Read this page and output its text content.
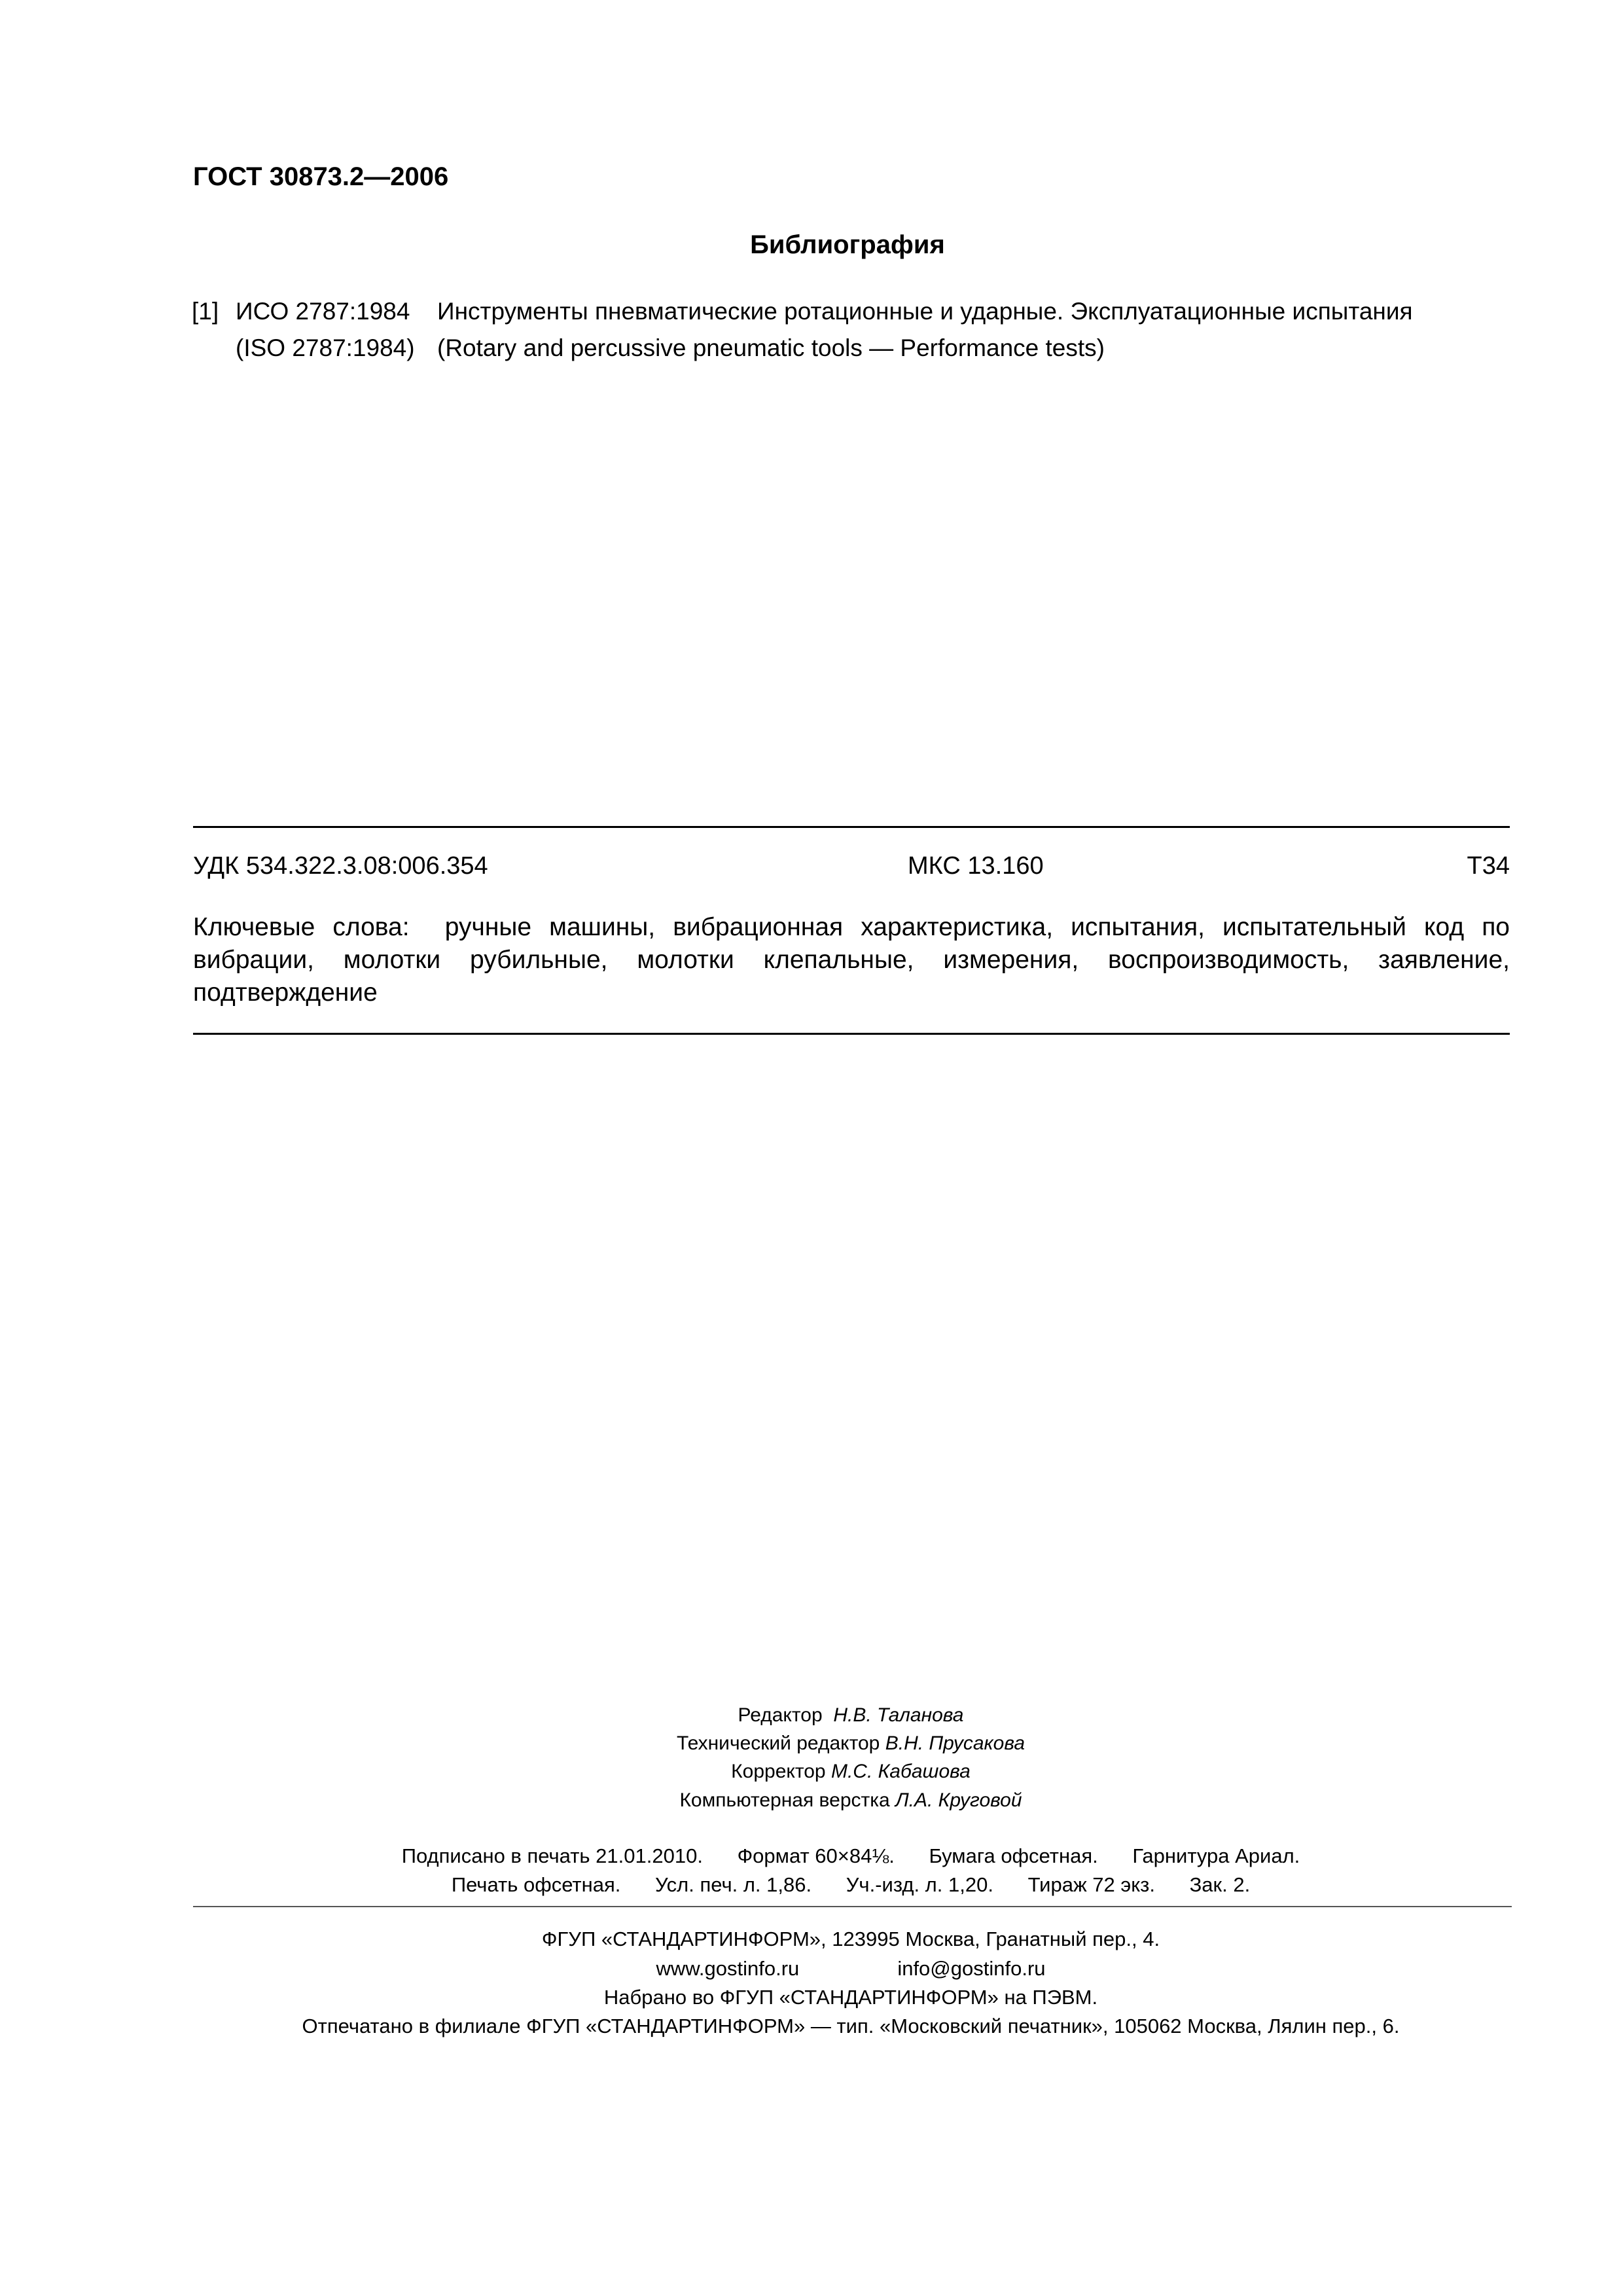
ГОСТ 30873.2—2006
Библиография
[1] ИСО 2787:1984 Инструменты пневматические ротационные и ударные. Эксплуатационные испытания
(ISO 2787:1984) (Rotary and percussive pneumatic tools — Performance tests)
УДК 534.322.3.08:006.354	МКС 13.160	Т34
Ключевые слова: ручные машины, вибрационная характеристика, испытания, испытательный код по вибрации, молотки рубильные, молотки клепальные, измерения, воспроизводимость, заявление, подтверждение
Редактор Н.В. Таланова
Технический редактор В.Н. Прусакова
Корректор М.С. Кабашова
Компьютерная верстка Л.А. Круговой
Подписано в печать 21.01.2010. Формат 60×84⅛. Бумага офсетная. Гарнитура Ариал.
Печать офсетная. Усл. печ. л. 1,86. Уч.-изд. л. 1,20. Тираж 72 экз. Зак. 2.
ФГУП «СТАНДАРТИНФОРМ», 123995 Москва, Гранатный пер., 4.
www.gostinfo.ru	info@gostinfo.ru
Набрано во ФГУП «СТАНДАРТИНФОРМ» на ПЭВМ.
Отпечатано в филиале ФГУП «СТАНДАРТИНФОРМ» — тип. «Московский печатник», 105062 Москва, Лялин пер., 6.
